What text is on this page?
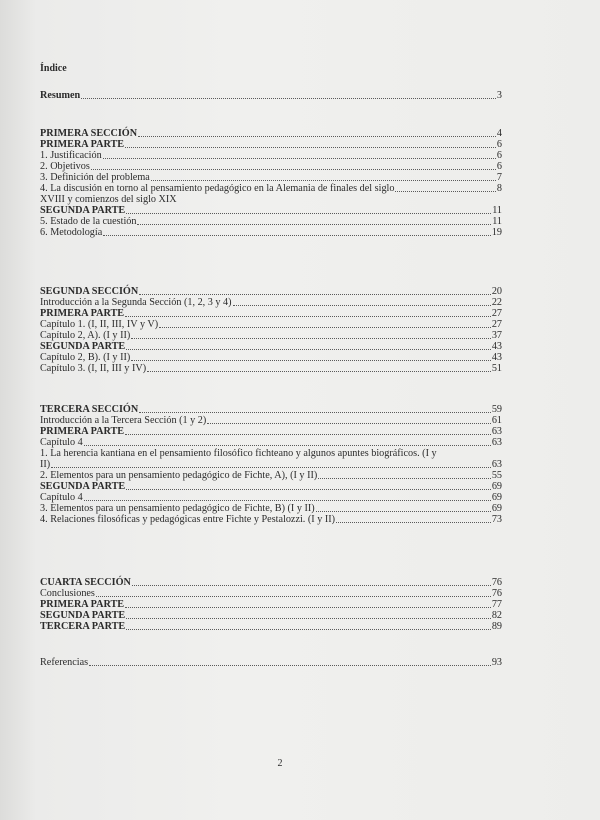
Índice
Resumen	3
PRIMERA SECCIÓN	4
PRIMERA PARTE	6
1. Justificación	6
2. Objetivos	6
3. Definición del problema	7
4. La discusión en torno al pensamiento pedagógico en la Alemania de finales del siglo	8
XVIII y comienzos del siglo XIX
SEGUNDA PARTE	11
5. Estado de la cuestión	11
6. Metodología	19
SEGUNDA SECCIÓN	20
Introducción a la Segunda Sección (1, 2, 3 y 4)	22
PRIMERA PARTE	27
Capítulo 1. (I, II, III, IV y V)	27
Capítulo 2, A). (I y II)	37
SEGUNDA PARTE	43
Capítulo 2, B). (I y II)	43
Capítulo 3. (I, II, III y IV)	51
TERCERA SECCIÓN	59
Introducción a la Tercera Sección (1 y 2)	61
PRIMERA PARTE	63
Capítulo 4	63
1. La herencia kantiana en el pensamiento filosófico fichteano y algunos apuntes biográficos. (I y
II)	63
2. Elementos para un pensamiento pedagógico de Fichte, A), (I y II)	55
SEGUNDA PARTE	69
Capítulo 4	69
3. Elementos para un pensamiento pedagógico de Fichte, B) (I y II)	69
4. Relaciones filosóficas y pedagógicas entre Fichte y Pestalozzi. (I y II)	73
CUARTA SECCIÓN	76
Conclusiones	76
PRIMERA PARTE	77
SEGUNDA PARTE	82
TERCERA PARTE	89
Referencias	93
2
